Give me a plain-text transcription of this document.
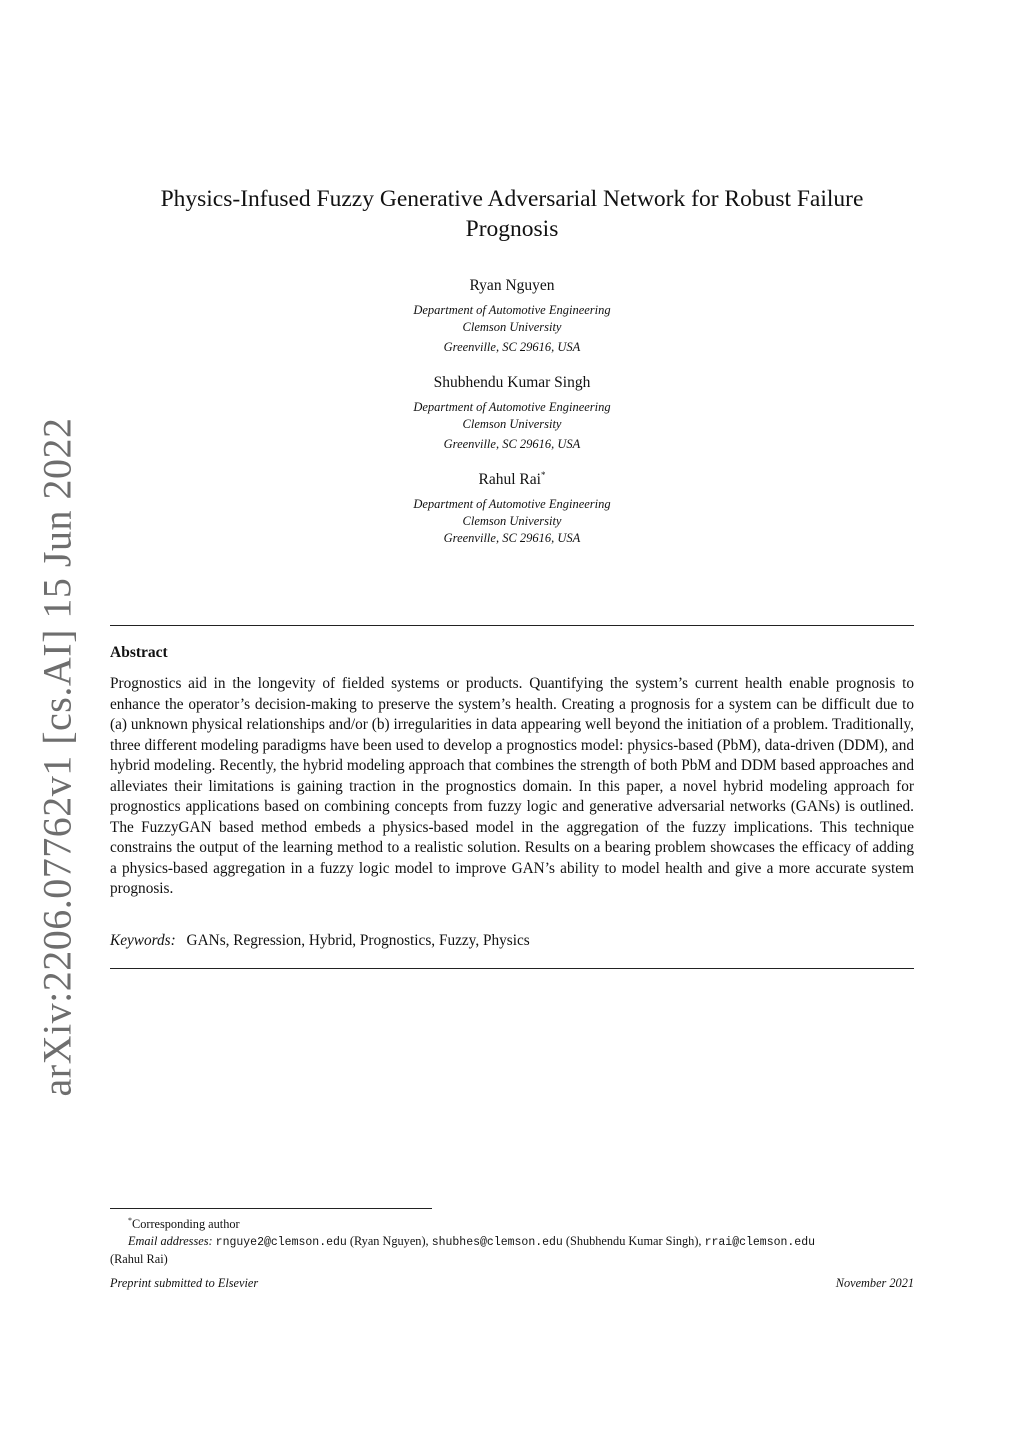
arXiv:2206.07762v1 [cs.AI] 15 Jun 2022
Physics-Infused Fuzzy Generative Adversarial Network for Robust Failure
Prognosis
Ryan Nguyen
Department of Automotive Engineering
Clemson University
Greenville, SC 29616, USA
Shubhendu Kumar Singh
Department of Automotive Engineering
Clemson University
Greenville, SC 29616, USA
Rahul Rai*
Department of Automotive Engineering
Clemson University
Greenville, SC 29616, USA
Abstract
Prognostics aid in the longevity of fielded systems or products. Quantifying the system’s current health enable prognosis to enhance the operator’s decision-making to preserve the system’s health. Creating a prognosis for a system can be difficult due to (a) unknown physical relationships and/or (b) irregularities in data appearing well beyond the initiation of a problem. Traditionally, three different modeling paradigms have been used to develop a prognostics model: physics-based (PbM), data-driven (DDM), and hybrid modeling. Recently, the hybrid modeling approach that combines the strength of both PbM and DDM based approaches and alleviates their limitations is gaining traction in the prognostics domain. In this paper, a novel hybrid modeling approach for prognostics applications based on combining concepts from fuzzy logic and generative adversarial networks (GANs) is outlined. The FuzzyGAN based method embeds a physics-based model in the aggregation of the fuzzy implications. This technique constrains the output of the learning method to a realistic solution. Results on a bearing problem showcases the efficacy of adding a physics-based aggregation in a fuzzy logic model to improve GAN’s ability to model health and give a more accurate system prognosis.
Keywords: GANs, Regression, Hybrid, Prognostics, Fuzzy, Physics
*Corresponding author
Email addresses: rnguye2@clemson.edu (Ryan Nguyen), shubhes@clemson.edu (Shubhendu Kumar Singh), rrai@clemson.edu
(Rahul Rai)
Preprint submitted to Elsevier	November 2021
